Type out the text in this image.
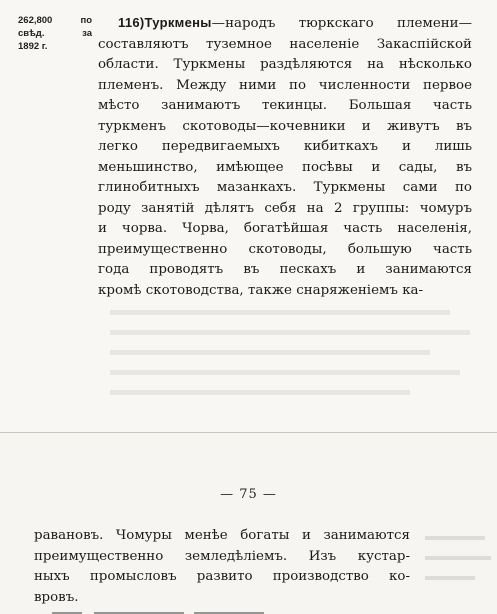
262,800	по
свѣд.	за
1892 г.
116)Туркмены—народъ тюркскаго племени—
составляютъ туземное населеніе Закаспійской
области. Туркмены раздѣляются на нѣсколько
племенъ. Между ними по численности первое
мѣсто занимаютъ текинцы. Большая часть
туркменъ скотоводы—кочевники и живутъ въ
легко передвигаемыхъ кибиткахъ и лишь
меньшинство, имѣющее посѣвы и сады, въ
глинобитныхъ мазанкахъ. Туркмены сами по
роду занятій дѣлятъ себя на 2 группы: чомуръ
и чорва. Чорва, богатѣйшая часть населенія,
преимущественно скотоводы, большую часть
года проводятъ въ пескахъ и занимаются
кромѣ скотоводства, также снаряженіемъ ка-
— 75 —
равановъ. Чомуры менѣе богаты и занимаются
преимущественно земледѣліемъ. Изъ кустар-
ныхъ промысловъ развито производство ко-
вровъ.
